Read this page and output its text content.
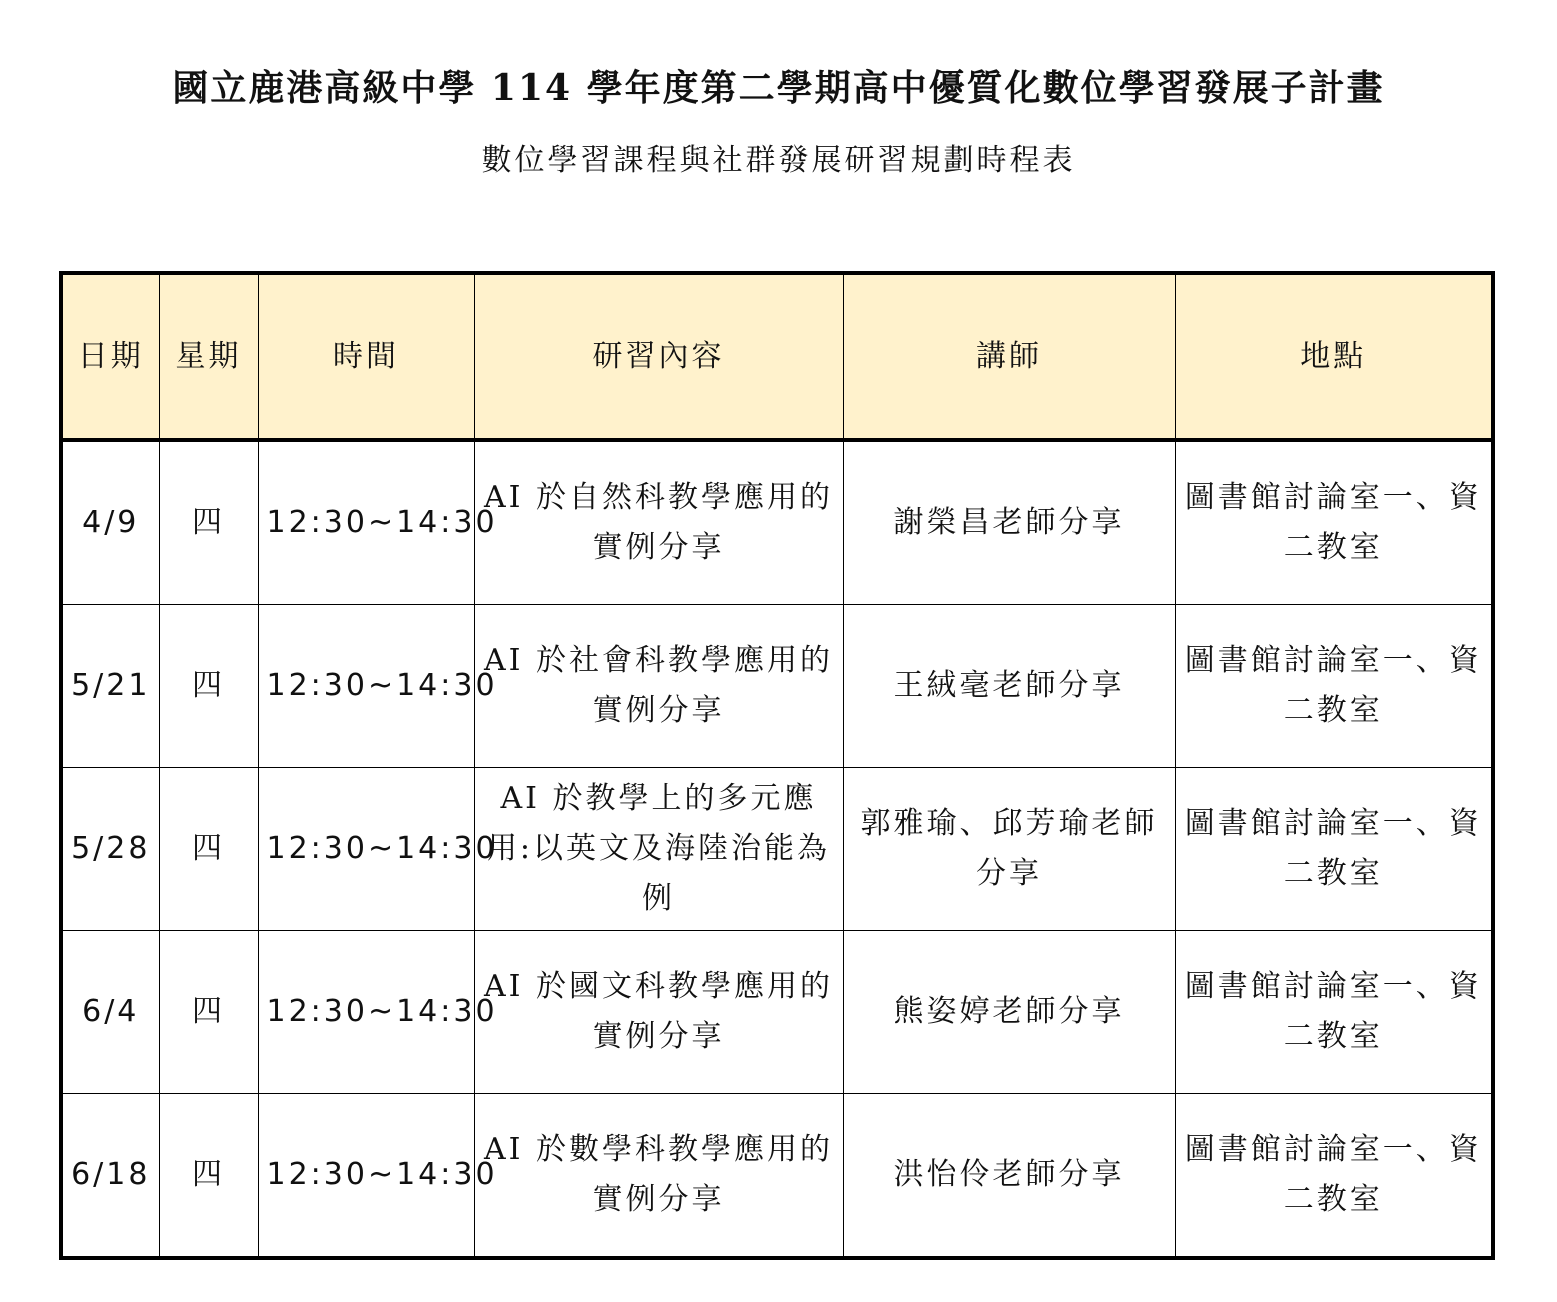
國立鹿港高級中學 114 學年度第二學期高中優質化數位學習發展子計畫
數位學習課程與社群發展研習規劃時程表
日期	星期	時間	研習內容	講師	地點
4/9	四	12:30~14:30	AI 於自然科教學應用的實例分享	謝榮昌老師分享	圖書館討論室一、資二教室
5/21	四	12:30~14:30	AI 於社會科教學應用的實例分享	王絨毫老師分享	圖書館討論室一、資二教室
5/28	四	12:30~14:30	AI 於教學上的多元應用:以英文及海陸治能為例	郭雅瑜、邱芳瑜老師分享	圖書館討論室一、資二教室
6/4	四	12:30~14:30	AI 於國文科教學應用的實例分享	熊姿婷老師分享	圖書館討論室一、資二教室
6/18	四	12:30~14:30	AI 於數學科教學應用的實例分享	洪怡伶老師分享	圖書館討論室一、資二教室
